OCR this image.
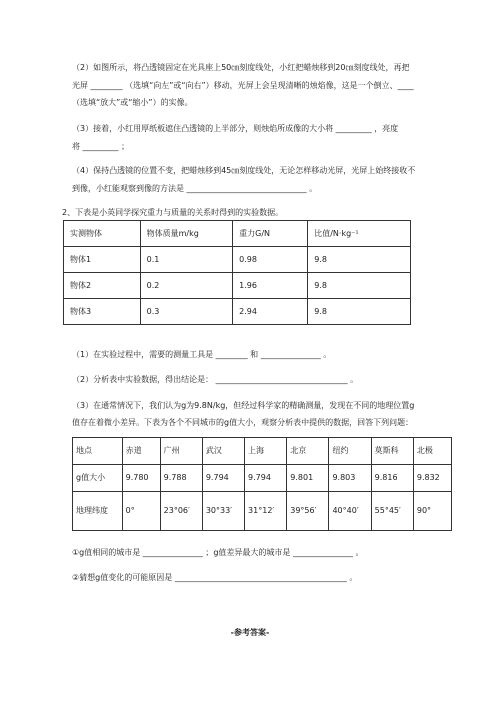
（2）如图所示，将凸透镜固定在光具座上50㎝刻度线处，小红把蜡烛移到20㎝刻度线处，再把
光屏 ________ （选填“向左”或“向右”）移动，光屏上会呈现清晰的烛焰像，这是一个倒立、____
（选填“放大”或“缩小”）的实像。
（3）接着，小红用厚纸板遮住凸透镜的上半部分，则烛焰所成像的大小将 _________ ，亮度
将 _________ ；
（4）保持凸透镜的位置不变，把蜡烛移到45㎝刻度线处，无论怎样移动光屏，光屏上始终接收不
到像，小红能观察到像的方法是 ______________________________ 。
2、下表是小英同学探究重力与质量的关系时得到的实验数据。
实测物体	物体质量m/kg	重力G/N	比值/N·kg⁻¹
物体1	0.1	0.98	9.8
物体2	0.2	1.96	9.8
物体3	0.3	2.94	9.8
（1）在实验过程中，需要的测量工具是 ________ 和 _______________ 。
（2）分析表中实验数据，得出结论是： _________________________________ 。
（3）在通常情况下，我们认为g为9.8N/kg，但经过科学家的精确测量，发现在不同的地理位置g
值存在着微小差异。下表为各个不同城市的g值大小，观察分析表中提供的数据，回答下列问题：
地点	赤道	广州	武汉	上海	北京	纽约	莫斯科	北极
g值大小	9.780	9.788	9.794	9.794	9.801	9.803	9.816	9.832
地理纬度	0°	23°06′	30°33′	31°12′	39°56′	40°40′	55°45′	90°
①g值相同的城市是 _______________ ；g值差异最大的城市是 _______________ 。
②猜想g值变化的可能原因是 ___________________________________________ 。
-参考答案-
